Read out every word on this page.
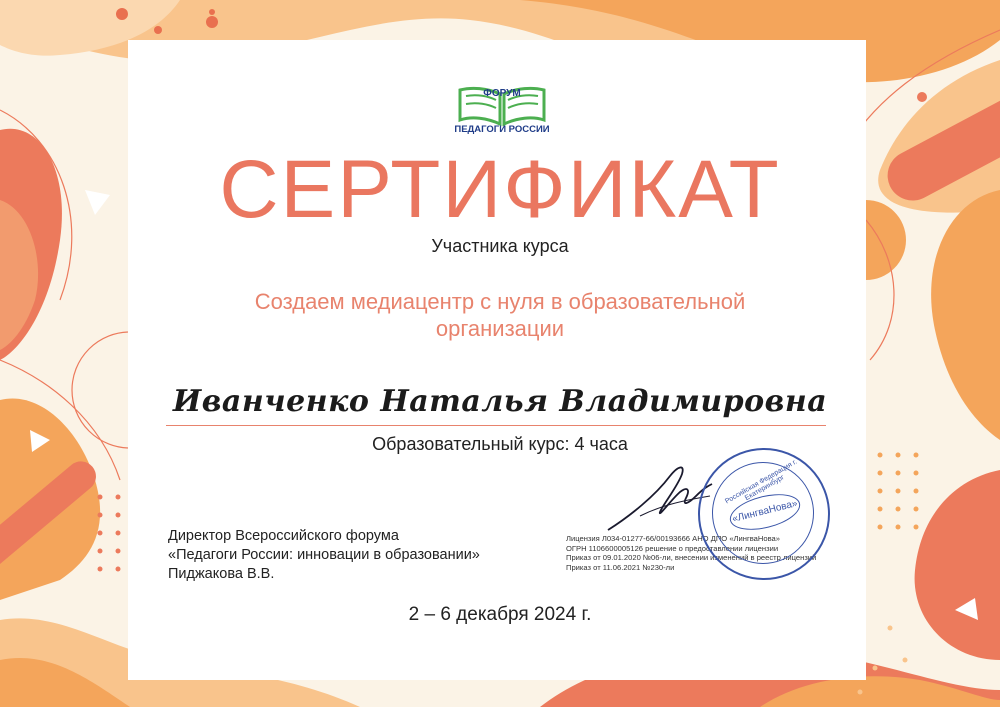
ФОРУМ
ПЕДАГОГИ РОССИИ
СЕРТИФИКАТ
Участника курса
Создаем медиацентр с нуля в образовательной организации
Иванченко Наталья Владимировна
Образовательный курс: 4 часа
Директор Всероссийского форума
«Педагоги России: инновации в образовании»
Пиджакова В.В.
Лицензия Л034-01277-66/00193666 АНО ДПО «ЛингваНова»
ОГРН 1106600005126 решение о предоставлении лицензии
Приказ от 09.01.2020 №06-ли, внесении изменений в реестр лицензий
Приказ от 11.06.2021 №230-ли
Российская Федерация г. Екатеринбург
«ЛингваНова»
2 – 6 декабря 2024 г.
